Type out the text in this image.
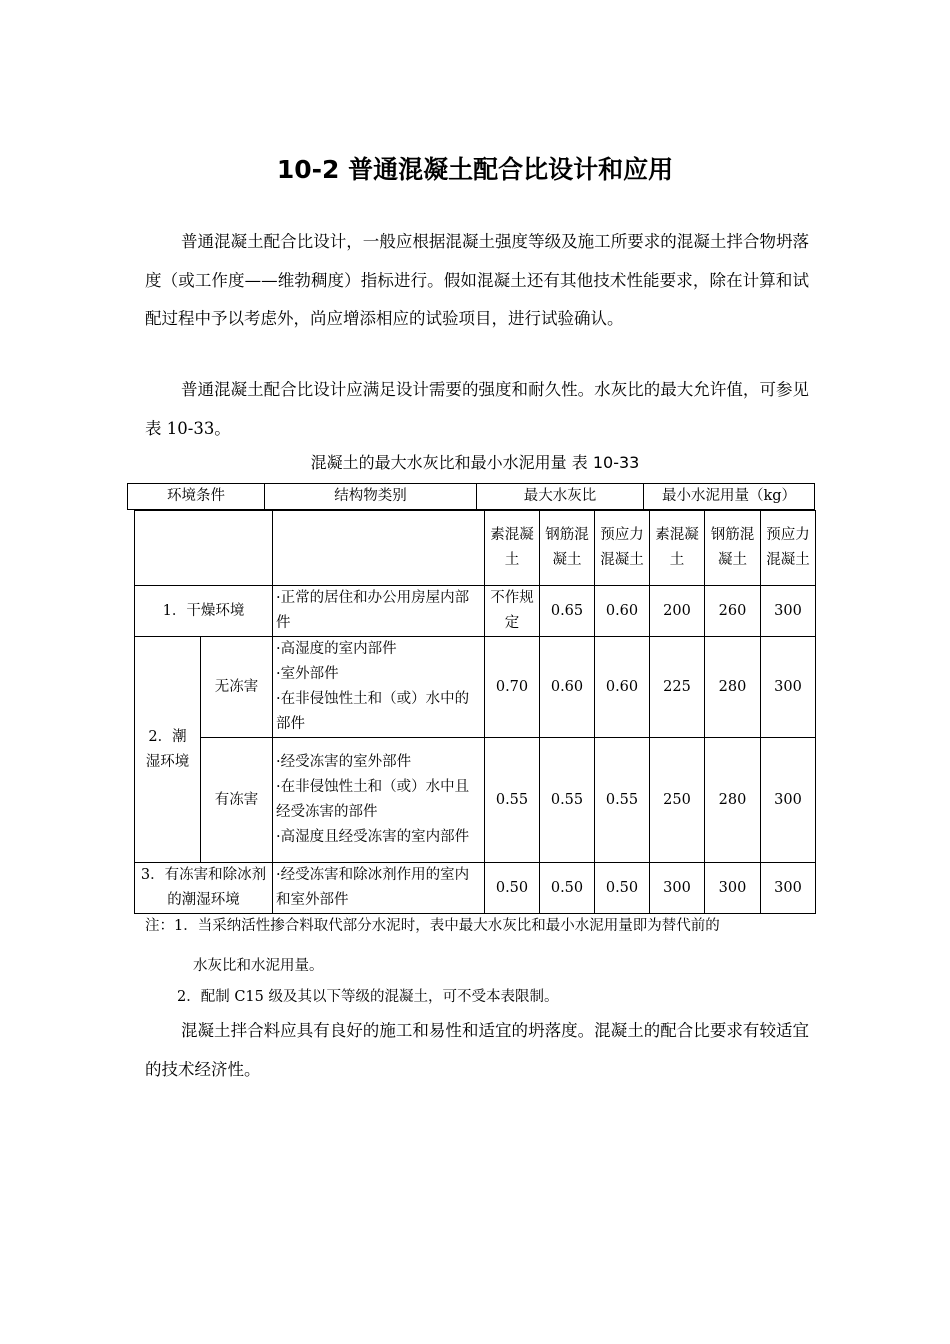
10-2 普通混凝土配合比设计和应用

普通混凝土配合比设计，一般应根据混凝土强度等级及施工所要求的混凝土拌合物坍落度（或工作度——维勃稠度）指标进行。假如混凝土还有其他技术性能要求，除在计算和试配过程中予以考虑外，尚应增添相应的试验项目，进行试验确认。

普通混凝土配合比设计应满足设计需要的强度和耐久性。水灰比的最大允许值，可参见表 10-33。

混凝土的最大水灰比和最小水泥用量 表 10-33
环境条件	结构物类别	最大水灰比	最小水泥用量（kg）
			素混凝土	钢筋混凝土	预应力混凝土	素混凝土	钢筋混凝土	预应力混凝土
1．干燥环境		·正常的居住和办公用房屋内部件	不作规定	0.65	0.60	200	260	300
2．潮湿环境	无冻害	·高湿度的室内部件
·室外部件
·在非侵蚀性土和（或）水中的部件	0.70	0.60	0.60	225	280	300
	有冻害	·经受冻害的室外部件
·在非侵蚀性土和（或）水中且经受冻害的部件
·高湿度且经受冻害的室内部件	0.55	0.55	0.55	250	280	300
3．有冻害和除冰剂的潮湿环境		·经受冻害和除冰剂作用的室内和室外部件	0.50	0.50	0.50	300	300	300
注：1．当采纳活性掺合料取代部分水泥时，表中最大水灰比和最小水泥用量即为替代前的
水灰比和水泥用量。
2．配制 C15 级及其以下等级的混凝土，可不受本表限制。

混凝土拌合料应具有良好的施工和易性和适宜的坍落度。混凝土的配合比要求有较适宜的技术经济性。
